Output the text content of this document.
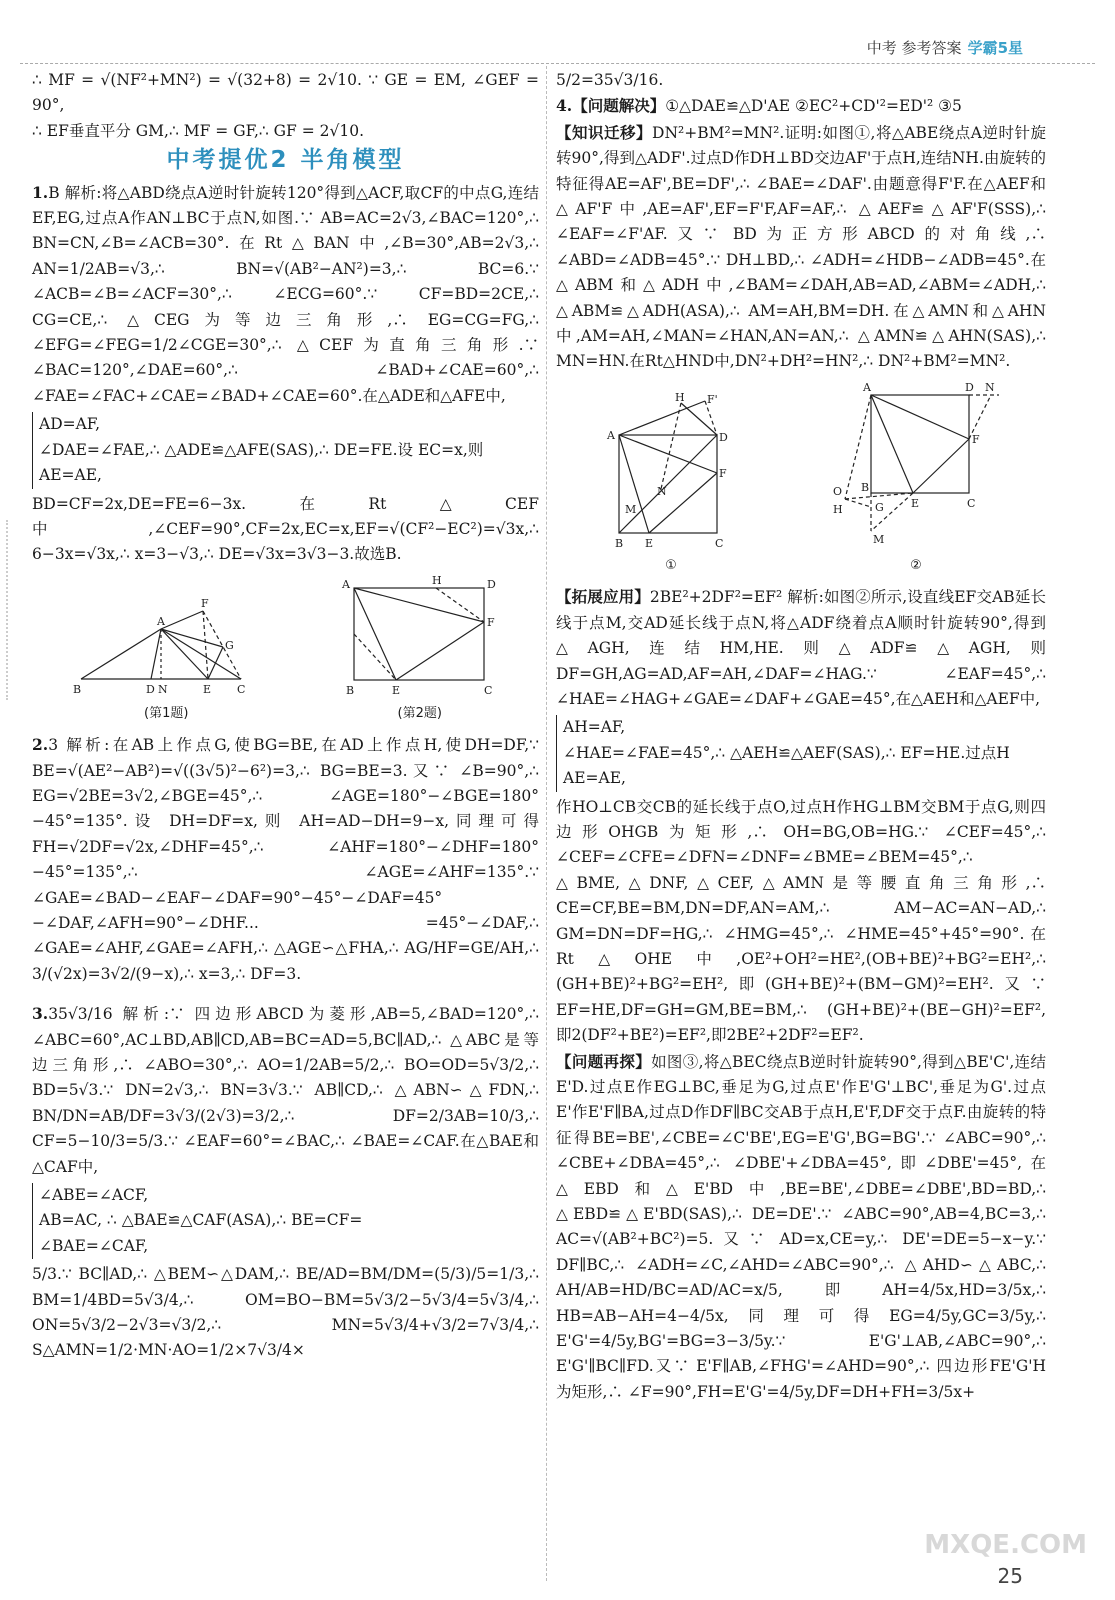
中考 参考答案 学霸5星

∴ MF = √(NF²+MN²) = √(32+8) = 2√10. ∵ GE = EM, ∠GEF = 90°,

∴ EF垂直平分 GM,∴ MF = GF,∴ GF = 2√10.

中考提优2 半角模型

1.B 解析:将△ABD绕点A逆时针旋转120°得到△ACF,取CF的中点G,连结EF,EG,过点A作AN⊥BC于点N,如图.∵ AB=AC=2√3,∠BAC=120°,∴ BN=CN,∠B=∠ACB=30°.在Rt△BAN中,∠B=30°,AB=2√3,∴ AN=1/2AB=√3,∴ BN=√(AB²−AN²)=3,∴ BC=6.∵ ∠ACB=∠B=∠ACF=30°,∴ ∠ECG=60°.∵ CF=BD=2CE,∴ CG=CE,∴ △CEG为等边三角形,∴ EG=CG=FG,∴ ∠EFG=∠FEG=1/2∠CGE=30°,∴ △CEF为直角三角形.∵ ∠BAC=120°,∠DAE=60°,∴ ∠BAD+∠CAE=60°,∴ ∠FAE=∠FAC+∠CAE=∠BAD+∠CAE=60°.在△ADE和△AFE中,

AD=AF,

∠DAE=∠FAE,∴ △ADE≌△AFE(SAS),∴ DE=FE.设 EC=x,则

AE=AE,

BD=CF=2x,DE=FE=6−3x.在Rt△CEF中,∠CEF=90°,CF=2x,EC=x,EF=√(CF²−EC²)=√3x,∴ 6−3x=√3x,∴ x=3−√3,∴ DE=√3x=3√3−3.故选B.

A
B	D N	E C
F
G
(第1题)
A	H	D
F
B	E	C
(第2题)

2.3 解析:在AB上作点G,使BG=BE,在AD上作点H,使DH=DF,∵ BE=√(AE²−AB²)=√((3√5)²−6²)=3,∴ BG=BE=3.又∵ ∠B=90°,∴ EG=√2BE=3√2,∠BGE=45°,∴ ∠AGE=180°−∠BGE=180°−45°=135°.设 DH=DF=x,则 AH=AD−DH=9−x,同理可得 FH=√2DF=√2x,∠DHF=45°,∴ ∠AHF=180°−∠DHF=180°−45°=135°,∴ ∠AGE=∠AHF=135°.∵ ∠GAE=∠BAD−∠EAF−∠DAF=90°−45°−∠DAF=45°−∠DAF,∠AFH=90°−∠DHF... =45°−∠DAF,∴ ∠GAE=∠AHF,∠GAE=∠AFH,∴ △AGE∽△FHA,∴ AG/HF=GE/AH,∴ 3/(√2x)=3√2/(9−x),∴ x=3,∴ DF=3.

3.35√3/16 解析:∵ 四边形ABCD为菱形,AB=5,∠BAD=120°,∴ ∠ABC=60°,AC⊥BD,AB∥CD,AB=BC=AD=5,BC∥AD,∴ △ABC是等边三角形,∴ ∠ABO=30°,∴ AO=1/2AB=5/2,∴ BO=OD=5√3/2,∴ BD=5√3.∵ DN=2√3,∴ BN=3√3.∵ AB∥CD,∴ △ABN∽△FDN,∴ BN/DN=AB/DF=3√3/(2√3)=3/2,∴ DF=2/3AB=10/3,∴ CF=5−10/3=5/3.∵ ∠EAF=60°=∠BAC,∴ ∠BAE=∠CAF.在△BAE和△CAF中,

∠ABE=∠ACF,

AB=AC, ∴ △BAE≌△CAF(ASA),∴ BE=CF=

∠BAE=∠CAF,

5/3.∵ BC∥AD,∴ △BEM∽△DAM,∴ BE/AD=BM/DM=(5/3)/5=1/3,∴ BM=1/4BD=5√3/4,∴ OM=BO−BM=5√3/2−5√3/4=5√3/4,∴ ON=5√3/2−2√3=√3/2,∴ MN=5√3/4+√3/2=7√3/4,∴ S△AMN=1/2·MN·AO=1/2×7√3/4×

5/2=35√3/16.

4.【问题解决】①△DAE≌△D'AE ②EC²+CD'²=ED'² ③5

【知识迁移】DN²+BM²=MN².证明:如图①,将△ABE绕点A逆时针旋转90°,得到△ADF'.过点D作DH⊥BD交边AF'于点H,连结NH.由旋转的特征得AE=AF',BE=DF',∴ ∠BAE=∠DAF'.由题意得F'F.在△AEF和△AF'F中,AE=AF',EF=F'F,AF=AF,∴ △AEF≌△AF'F(SSS),∴ ∠EAF=∠F'AF.又∵ BD为正方形ABCD的对角线,∴ ∠ABD=∠ADB=45°.∵ DH⊥BD,∴ ∠ADH=∠HDB−∠ADB=45°.在△ABM和△ADH中,∠BAM=∠DAH,AB=AD,∠ABM=∠ADH,∴ △ABM≌△ADH(ASA),∴ AM=AH,BM=DH.在△AMN和△AHN中,AM=AH,∠MAN=∠HAN,AN=AN,∴ △AMN≌△AHN(SAS),∴ MN=HN.在Rt△HND中,DN²+DH²=HN²,∴ DN²+BM²=MN².

A	D
F'
H
F
N
M
B E	C
①
A	D N
F
B
E	C
O
H	G
M
②

【拓展应用】2BE²+2DF²=EF² 解析:如图②所示,设直线EF交AB延长线于点M,交AD延长线于点N,将△ADF绕着点A顺时针旋转90°,得到△AGH,连结HM,HE.则△ADF≌△AGH,则DF=GH,AG=AD,AF=AH,∠DAF=∠HAG.∵ ∠EAF=45°,∴ ∠HAE=∠HAG+∠GAE=∠DAF+∠GAE=45°,在△AEH和△AEF中,

AH=AF,

∠HAE=∠FAE=45°,∴ △AEH≌△AEF(SAS),∴ EF=HE.过点H

AE=AE,

作HO⊥CB交CB的延长线于点O,过点H作HG⊥BM交BM于点G,则四边形OHGB为矩形,∴ OH=BG,OB=HG.∵ ∠CEF=45°,∴ ∠CEF=∠CFE=∠DFN=∠DNF=∠BME=∠BEM=45°,∴ △BME,△DNF,△CEF,△AMN是等腰直角三角形,∴ CE=CF,BE=BM,DN=DF,AN=AM,∴ AM−AC=AN−AD,∴ GM=DN=DF=HG,∴ ∠HMG=45°,∴ ∠HME=45°+45°=90°.在Rt△OHE中,OE²+OH²=HE²,(OB+BE)²+BG²=EH²,∴ (GH+BE)²+BG²=EH²,即(GH+BE)²+(BM−GM)²=EH².又∵ EF=HE,DF=GH=GM,BE=BM,∴ (GH+BE)²+(BE−GH)²=EF²,即2(DF²+BE²)=EF²,即2BE²+2DF²=EF².

【问题再探】如图③,将△BEC绕点B逆时针旋转90°,得到△BE'C',连结E'D.过点E作EG⊥BC,垂足为G,过点E'作E'G'⊥BC',垂足为G'.过点E'作E'F∥BA,过点D作DF∥BC交AB于点H,E'F,DF交于点F.由旋转的特征得BE=BE',∠CBE=∠C'BE',EG=E'G',BG=BG'.∵ ∠ABC=90°,∴ ∠CBE+∠DBA=45°,∴ ∠DBE'+∠DBA=45°,即∠DBE'=45°,在△EBD和△E'BD中,BE=BE',∠DBE=∠DBE',BD=BD,∴ △EBD≌△E'BD(SAS),∴ DE=DE'.∵ ∠ABC=90°,AB=4,BC=3,∴ AC=√(AB²+BC²)=5.又∵ AD=x,CE=y,∴ DE'=DE=5−x−y.∵ DF∥BC,∴ ∠ADH=∠C,∠AHD=∠ABC=90°,∴ △AHD∽△ABC,∴ AH/AB=HD/BC=AD/AC=x/5,即AH=4/5x,HD=3/5x,∴ HB=AB−AH=4−4/5x,同理可得EG=4/5y,GC=3/5y,∴ E'G'=4/5y,BG'=BG=3−3/5y.∵ E'G'⊥AB,∠ABC=90°,∴ E'G'∥BC∥FD.又∵ E'F∥AB,∠FHG'=∠AHD=90°,∴ 四边形FE'G'H为矩形,∴ ∠F=90°,FH=E'G'=4/5y,DF=DH+FH=3/5x+

MXQE.COM
25
